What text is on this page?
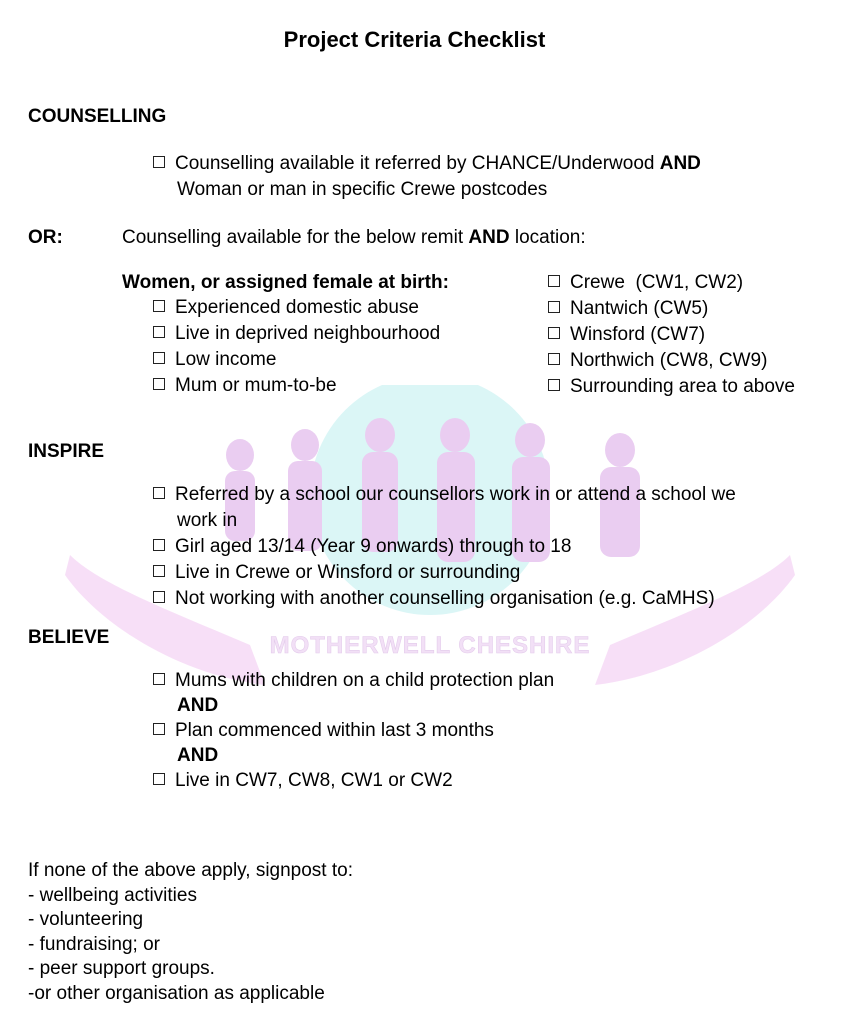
MOTHERWELL CHESHIRE
Project Criteria Checklist
COUNSELLING
Counselling available it referred by CHANCE/Underwood AND
Woman or man in specific Crewe postcodes
OR:	Counselling available for the below remit AND location:
Women, or assigned female at birth:
Experienced domestic abuse
Live in deprived neighbourhood
Low income
Mum or mum-to-be
Crewe  (CW1, CW2)
Nantwich (CW5)
Winsford (CW7)
Northwich (CW8, CW9)
Surrounding area to above
INSPIRE
Referred by a school our counsellors work in or attend a school we
work in
Girl aged 13/14 (Year 9 onwards) through to 18
Live in Crewe or Winsford or surrounding
Not working with another counselling organisation (e.g. CaMHS)
BELIEVE
Mums with children on a child protection plan
AND
Plan commenced within last 3 months
AND
Live in CW7, CW8, CW1 or CW2
If none of the above apply, signpost to:
- wellbeing activities
- volunteering
- fundraising; or
- peer support groups.
-or other organisation as applicable
